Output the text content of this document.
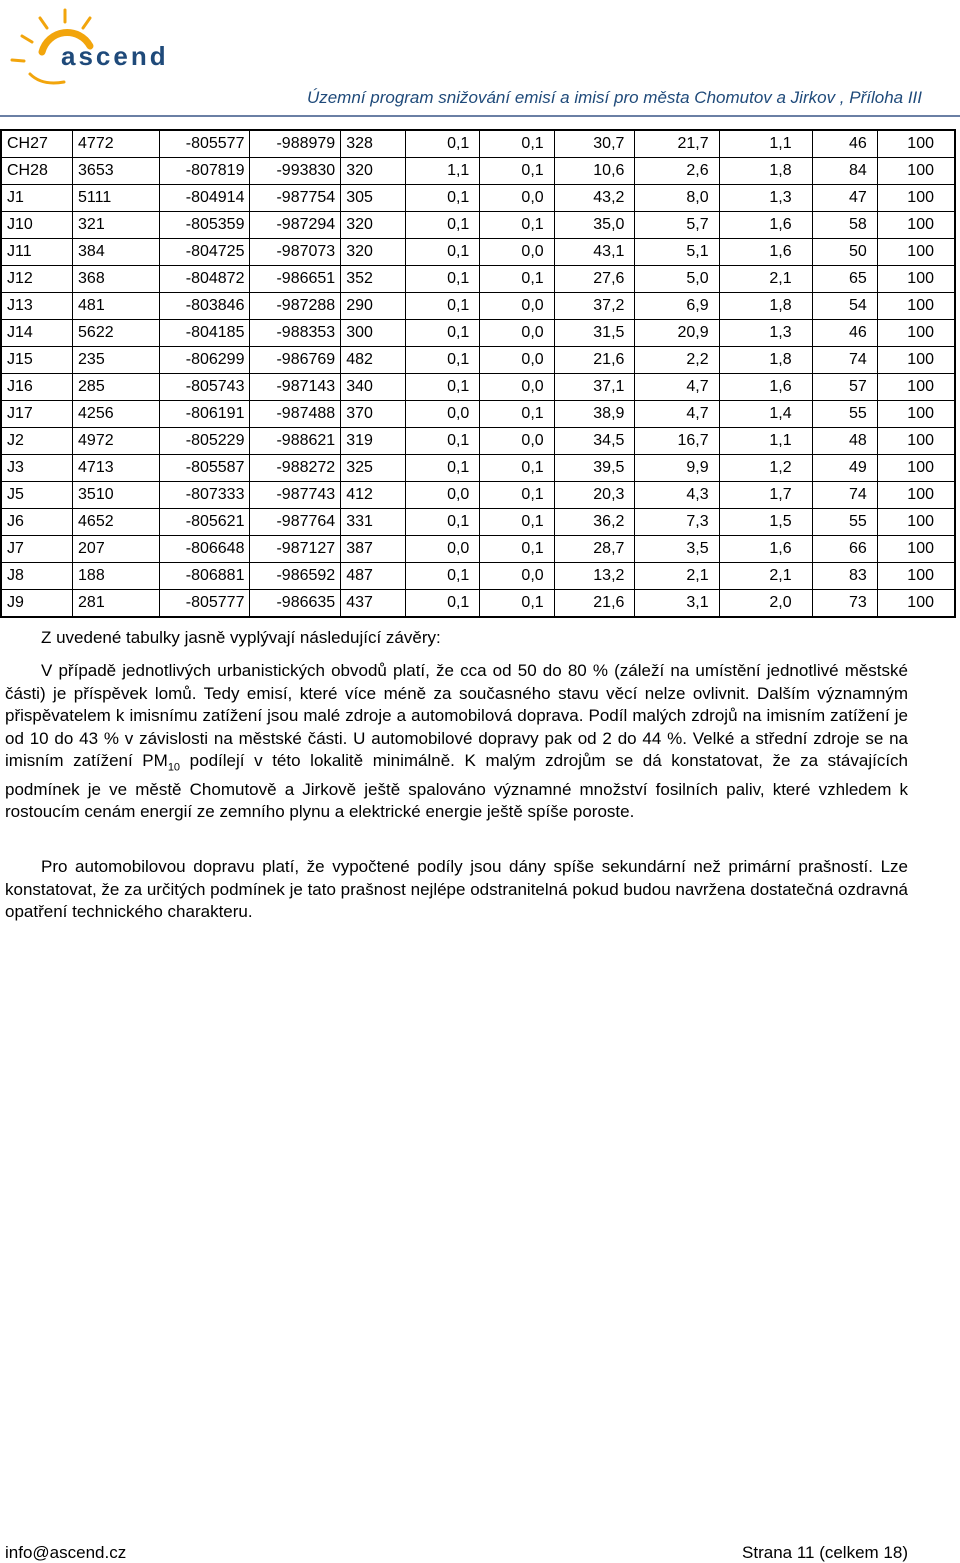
ascend
Územní program snižování emisí a imisí pro města Chomutov a Jirkov , Příloha III
CH27	4772	-805577	-988979	328	0,1	0,1	30,7	21,7	1,1	46	100
CH28	3653	-807819	-993830	320	1,1	0,1	10,6	2,6	1,8	84	100
J1	5111	-804914	-987754	305	0,1	0,0	43,2	8,0	1,3	47	100
J10	321	-805359	-987294	320	0,1	0,1	35,0	5,7	1,6	58	100
J11	384	-804725	-987073	320	0,1	0,0	43,1	5,1	1,6	50	100
J12	368	-804872	-986651	352	0,1	0,1	27,6	5,0	2,1	65	100
J13	481	-803846	-987288	290	0,1	0,0	37,2	6,9	1,8	54	100
J14	5622	-804185	-988353	300	0,1	0,0	31,5	20,9	1,3	46	100
J15	235	-806299	-986769	482	0,1	0,0	21,6	2,2	1,8	74	100
J16	285	-805743	-987143	340	0,1	0,0	37,1	4,7	1,6	57	100
J17	4256	-806191	-987488	370	0,0	0,1	38,9	4,7	1,4	55	100
J2	4972	-805229	-988621	319	0,1	0,0	34,5	16,7	1,1	48	100
J3	4713	-805587	-988272	325	0,1	0,1	39,5	9,9	1,2	49	100
J5	3510	-807333	-987743	412	0,0	0,1	20,3	4,3	1,7	74	100
J6	4652	-805621	-987764	331	0,1	0,1	36,2	7,3	1,5	55	100
J7	207	-806648	-987127	387	0,0	0,1	28,7	3,5	1,6	66	100
J8	188	-806881	-986592	487	0,1	0,0	13,2	2,1	2,1	83	100
J9	281	-805777	-986635	437	0,1	0,1	21,6	3,1	2,0	73	100
Z uvedené tabulky jasně vyplývají následující závěry:
V případě jednotlivých urbanistických obvodů platí, že cca od 50 do 80 % (záleží na umístění jednotlivé městské části) je příspěvek lomů. Tedy emisí, které více méně za současného stavu věcí nelze ovlivnit. Dalším významným přispěvatelem k imisnímu zatížení jsou malé zdroje a automobilová doprava. Podíl malých zdrojů na imisním zatížení je od 10 do 43 % v závislosti na městské části. U automobilové dopravy pak od 2 do 44 %. Velké a střední zdroje se na imisním zatížení $PM_{10}$ podílejí v této lokalitě minimálně. K malým zdrojům se dá konstatovat, že za stávajících podmínek je ve městě Chomutově a Jirkově ještě spalováno významné množství fosilních paliv, které vzhledem k rostoucím cenám energií ze zemního plynu a elektrické energie ještě spíše poroste.
Pro automobilovou dopravu platí, že vypočtené podíly jsou dány spíše sekundární než primární prašností. Lze konstatovat, že za určitých podmínek je tato prašnost nejlépe odstranitelná pokud budou navržena dostatečná ozdravná opatření technického charakteru.
info@ascend.cz	Strana 11 (celkem 18)
